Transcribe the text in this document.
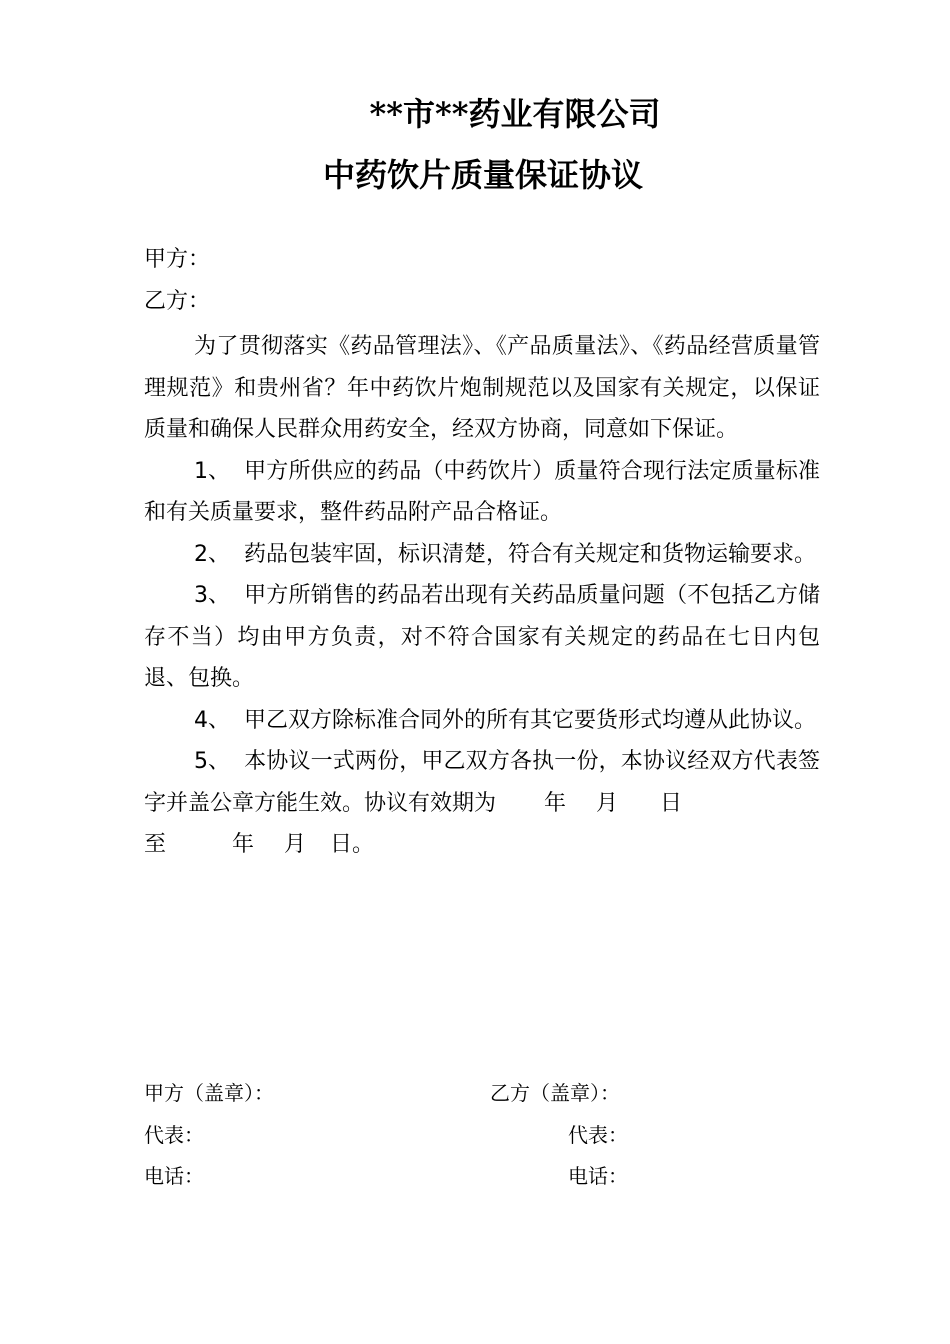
**市**药业有限公司
中药饮片质量保证协议
甲方：
乙方：

为了贯彻落实《药品管理法》、《产品质量法》、《药品经营质量管理规范》和贵州省？年中药饮片炮制规范以及国家有关规定，以保证质量和确保人民群众用药安全，经双方协商，同意如下保证。

1、 甲方所供应的药品（中药饮片）质量符合现行法定质量标准和有关质量要求，整件药品附产品合格证。

2、 药品包装牢固，标识清楚，符合有关规定和货物运输要求。

3、 甲方所销售的药品若出现有关药品质量问题（不包括乙方储存不当）均由甲方负责，对不符合国家有关规定的药品在七日内包退、包换。

4、 甲乙双方除标准合同外的所有其它要货形式均遵从此协议。

5、 本协议一式两份，甲乙双方各执一份，本协议经双方代表签字并盖公章方能生效。协议有效期为 年 月 日
至	年 月 日。

甲方（盖章）：	乙方（盖章）：
代表：	代表：
电话：	电话：
